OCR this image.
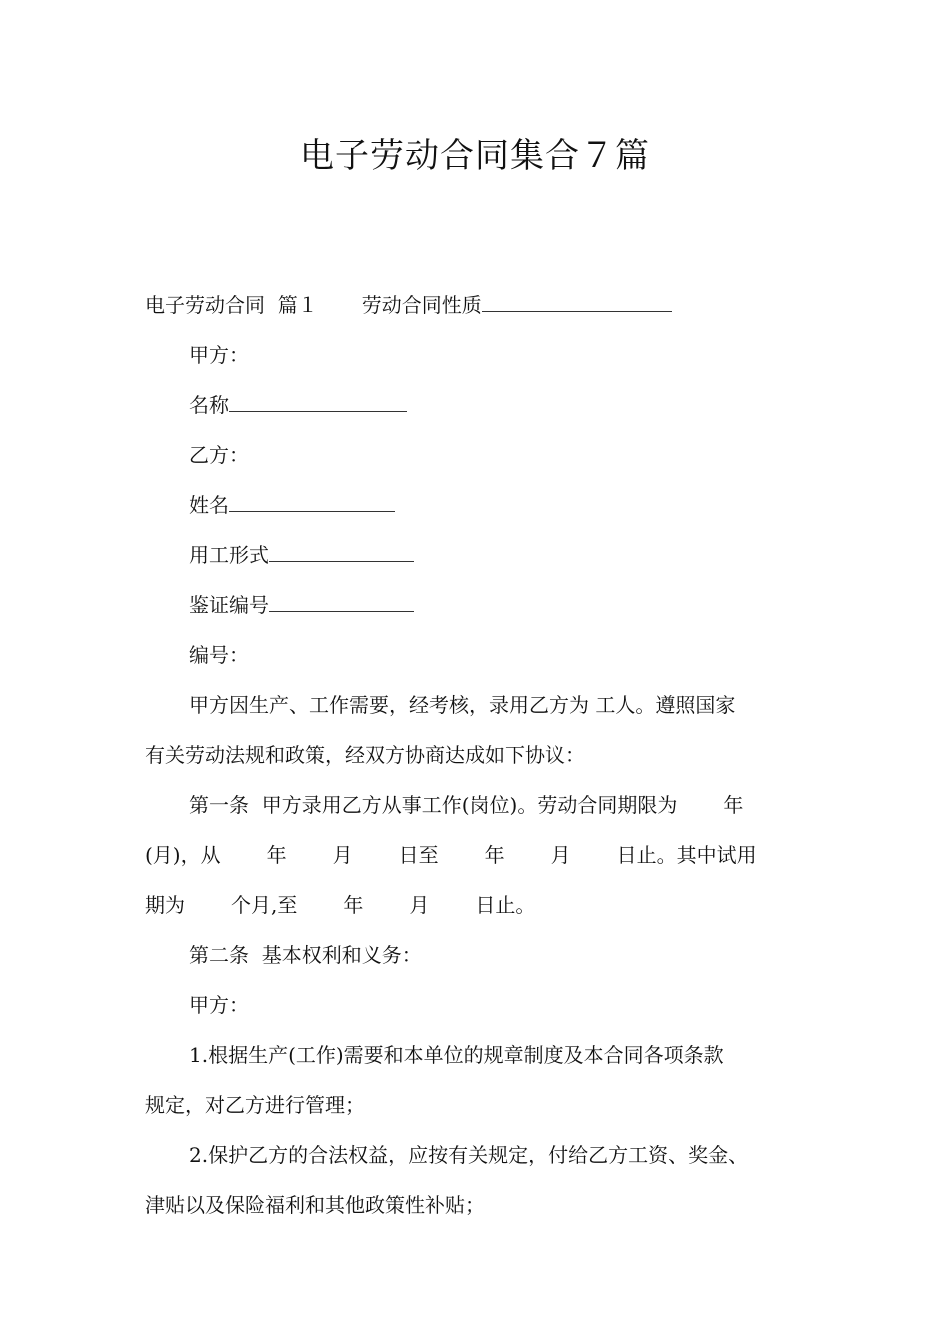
电子劳动合同集合７篇

电子劳动合同  篇１ 劳动合同性质

甲方：

名称

乙方：

姓名

用工形式

鉴证编号

编号：

甲方因生产、工作需要，经考核，录用乙方为 工人。遵照国家

有关劳动法规和政策，经双方协商达成如下协议：

第一条  甲方录用乙方从事工作(岗位)。劳动合同期限为 年

(月)，从 年 月 日至 年 月 日止。其中试用

期为 个月,至 年 月 日止。

第二条  基本权利和义务：

甲方：

1.根据生产(工作)需要和本单位的规章制度及本合同各项条款

规定，对乙方进行管理；

2.保护乙方的合法权益，应按有关规定，付给乙方工资、奖金、

津贴以及保险福利和其他政策性补贴；
